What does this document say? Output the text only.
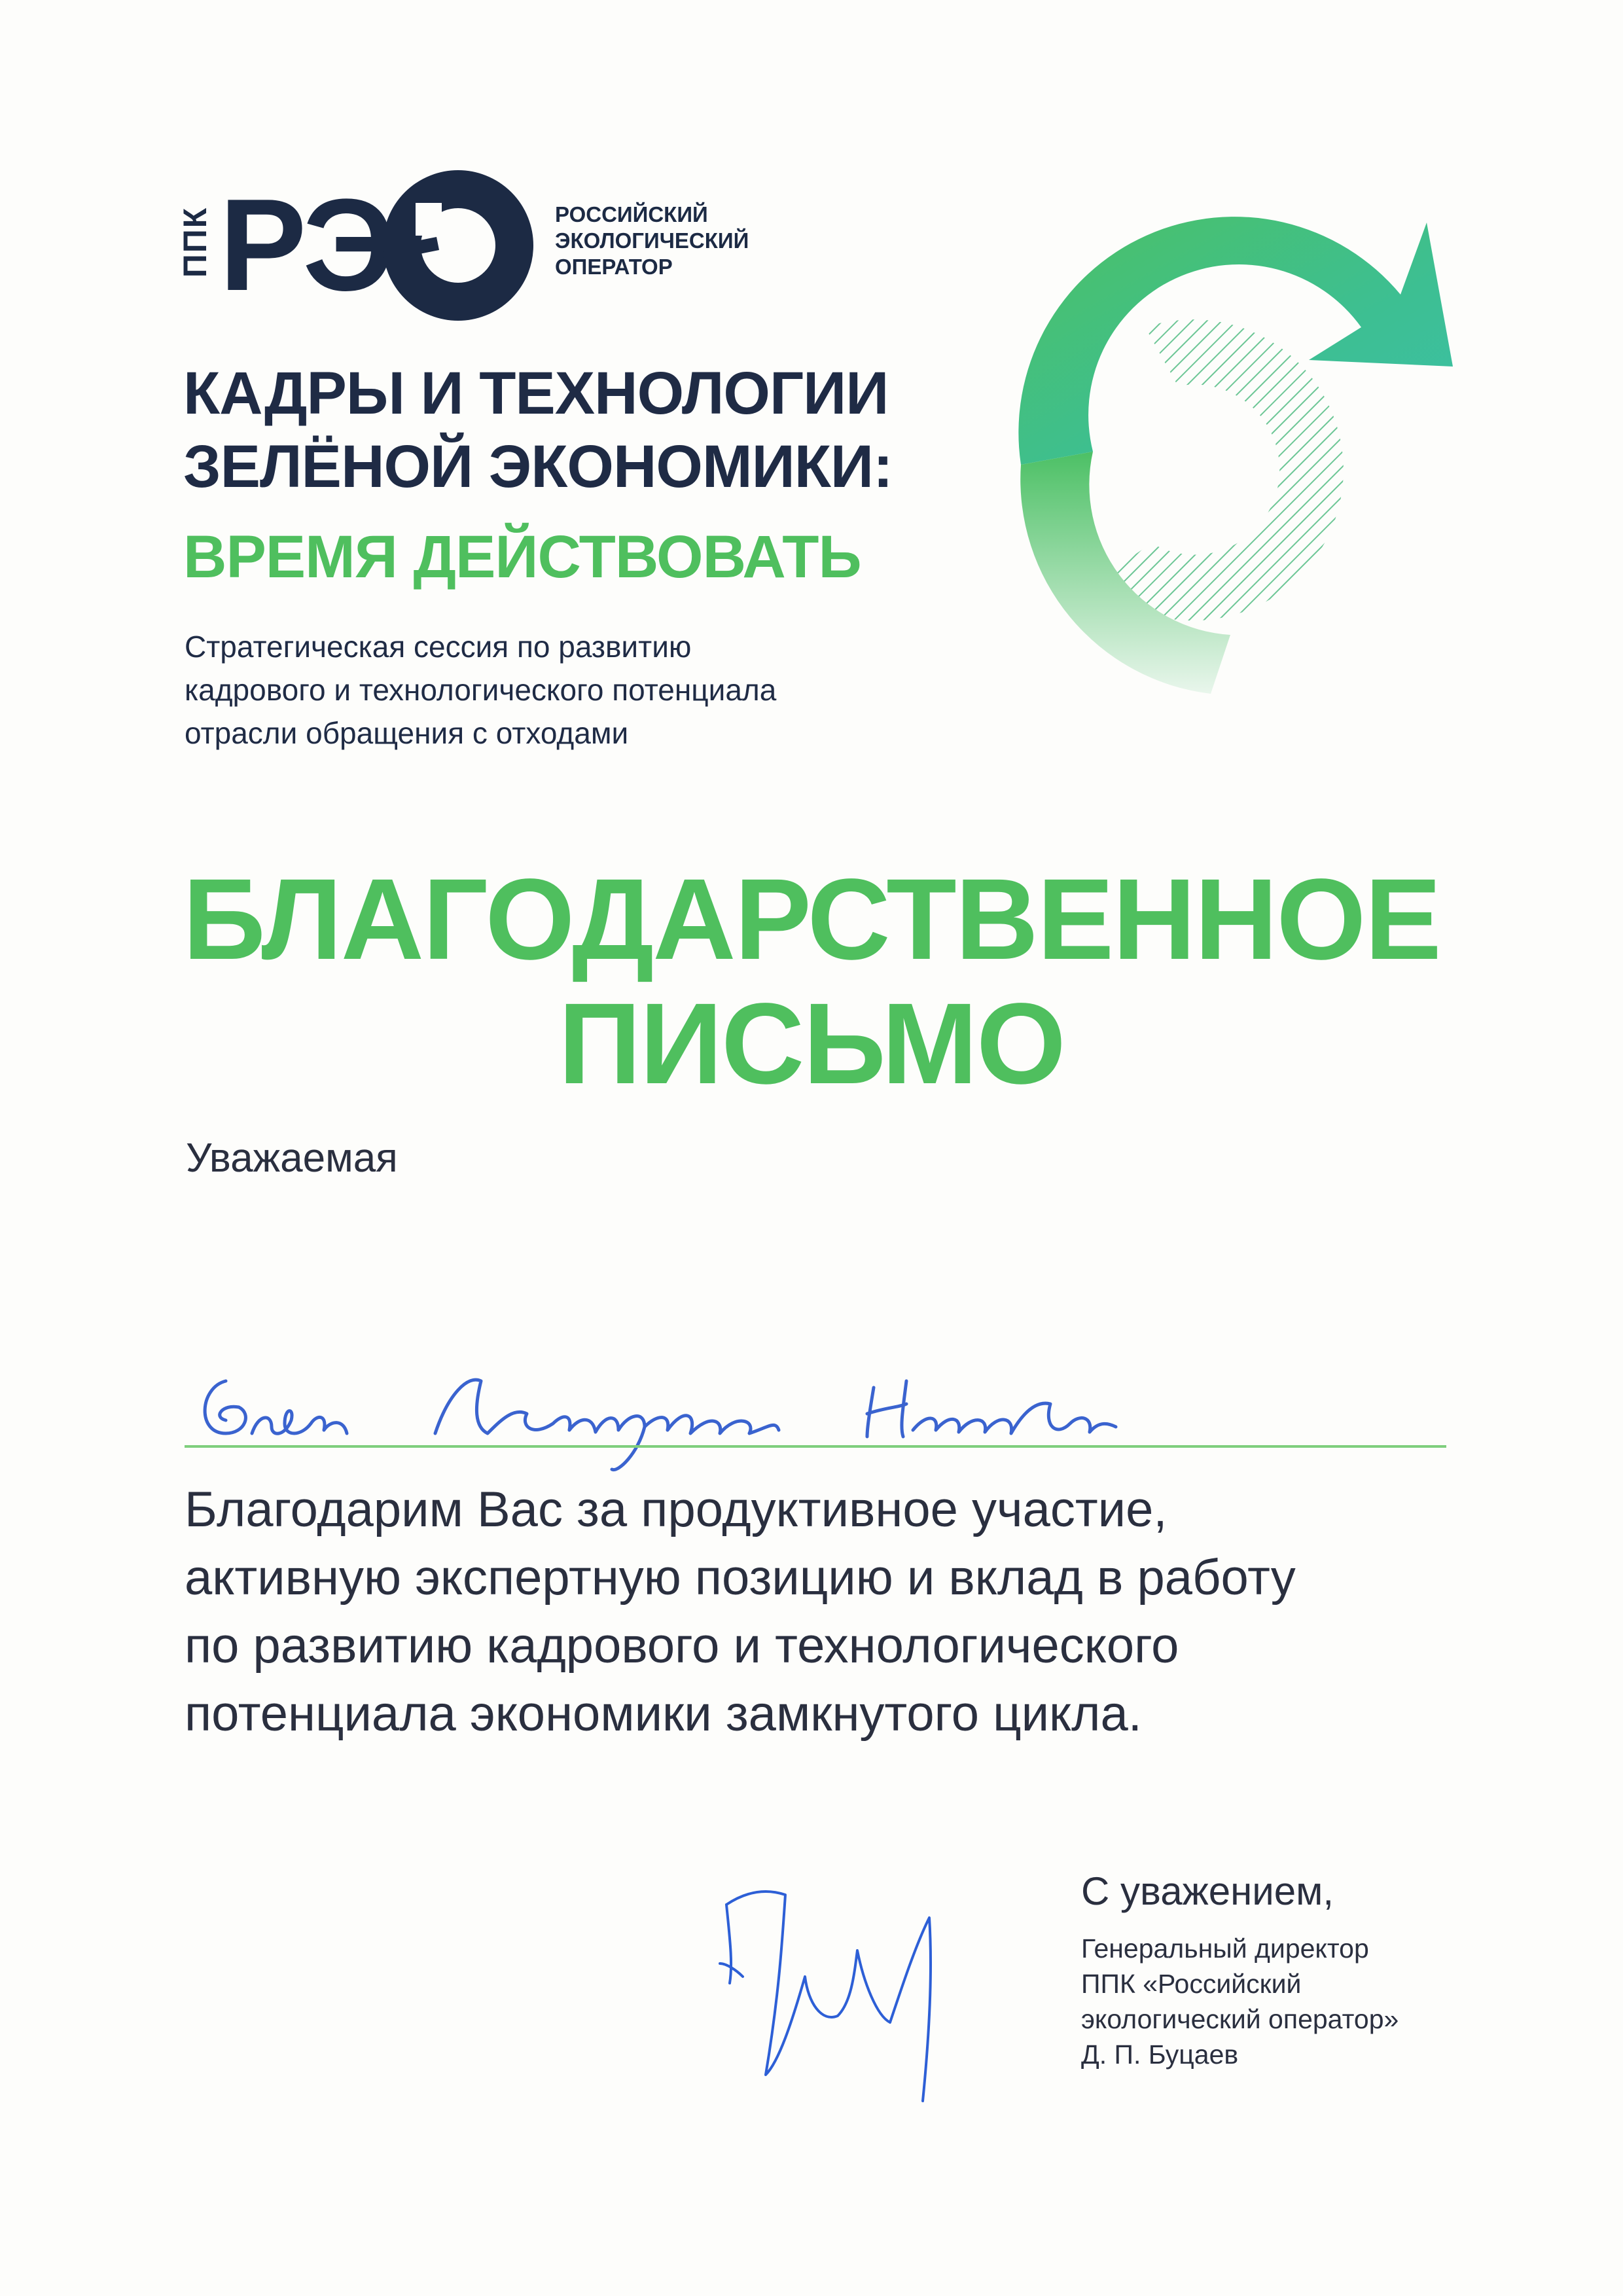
ППК РЭ	РОССИЙСКИЙ
ЭКОЛОГИЧЕСКИЙ
ОПЕРАТОР
КАДРЫ И ТЕХНОЛОГИИ
ЗЕЛЁНОЙ ЭКОНОМИКИ:
ВРЕМЯ ДЕЙСТВОВАТЬ
Стратегическая сессия по развитию
кадрового и технологического потенциала
отрасли обращения с отходами
БЛАГОДАРСТВЕННОЕ
ПИСЬМО
Уважаемая
Благодарим Вас за продуктивное участие,
активную экспертную позицию и вклад в работу
по развитию кадрового и технологического
потенциала экономики замкнутого цикла.
С уважением,
Генеральный директор
ППК «Российский
экологический оператор»
Д. П. Буцаев
